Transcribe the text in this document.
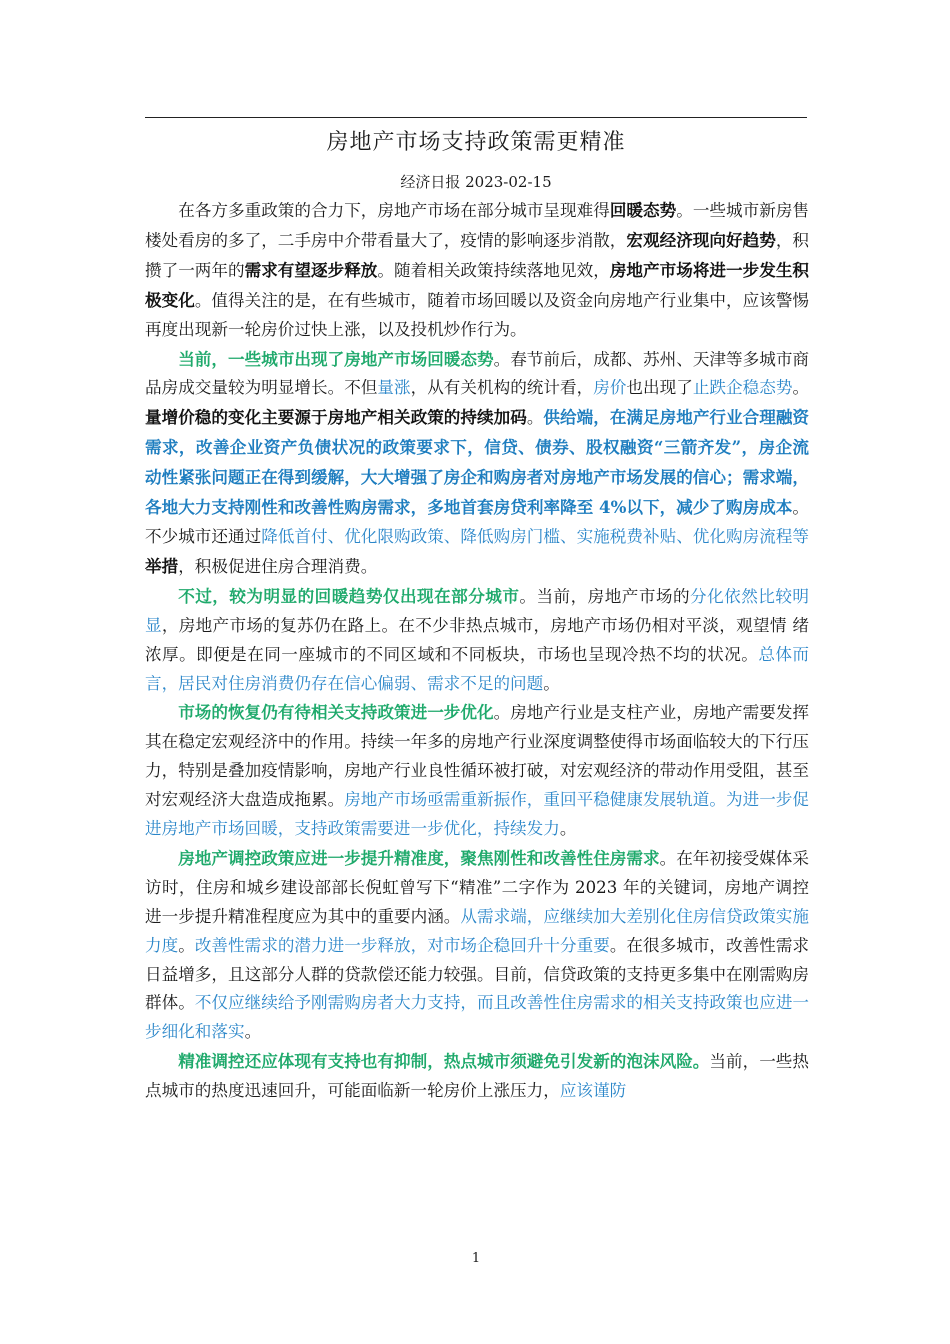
房地产市场支持政策需更精准
经济日报 2023-02-15

在各方多重政策的合力下，房地产市场在部分城市呈现难得回暖态势。一些城市新房售楼处看房的多了，二手房中介带看量大了，疫情的影响逐步消散，宏观经济现向好趋势，积攒了一两年的需求有望逐步释放。随着相关政策持续落地见效，房地产市场将进一步发生积极变化。值得关注的是，在有些城市，随着市场回暖以及资金向房地产行业集中，应该警惕再度出现新一轮房价过快上涨，以及投机炒作行为。

当前，一些城市出现了房地产市场回暖态势。春节前后，成都、苏州、天津等多城市商品房成交量较为明显增长。不但量涨，从有关机构的统计看，房价也出现了止跌企稳态势。量增价稳的变化主要源于房地产相关政策的持续加码。供给端，在满足房地产行业合理融资需求，改善企业资产负债状况的政策要求下，信贷、债券、股权融资“三箭齐发”，房企流动性紧张问题正在得到缓解，大大增强了房企和购房者对房地产市场发展的信心；需求端，各地大力支持刚性和改善性购房需求，多地首套房贷利率降至 4%以下，减少了购房成本。不少城市还通过降低首付、优化限购政策、降低购房门槛、实施税费补贴、优化购房流程等举措，积极促进住房合理消费。

不过，较为明显的回暖趋势仅出现在部分城市。当前，房地产市场的分化依然比较明显，房地产市场的复苏仍在路上。在不少非热点城市，房地产市场仍相对平淡，观望情 绪浓厚。即便是在同一座城市的不同区域和不同板块，市场也呈现冷热不均的状况。总体而言，居民对住房消费仍存在信心偏弱、需求不足的问题。

市场的恢复仍有待相关支持政策进一步优化。房地产行业是支柱产业，房地产需要发挥其在稳定宏观经济中的作用。持续一年多的房地产行业深度调整使得市场面临较大的下行压力，特别是叠加疫情影响，房地产行业良性循环被打破，对宏观经济的带动作用受阻，甚至对宏观经济大盘造成拖累。房地产市场亟需重新振作，重回平稳健康发展轨道。为进一步促进房地产市场回暖，支持政策需要进一步优化，持续发力。

房地产调控政策应进一步提升精准度，聚焦刚性和改善性住房需求。在年初接受媒体采访时，住房和城乡建设部部长倪虹曾写下“精准”二字作为 2023 年的关键词，房地产调控进一步提升精准程度应为其中的重要内涵。从需求端，应继续加大差别化住房信贷政策实施力度。改善性需求的潜力进一步释放，对市场企稳回升十分重要。在很多城市，改善性需求日益增多，且这部分人群的贷款偿还能力较强。目前，信贷政策的支持更多集中在刚需购房群体。不仅应继续给予刚需购房者大力支持，而且改善性住房需求的相关支持政策也应进一步细化和落实。

精准调控还应体现有支持也有抑制，热点城市须避免引发新的泡沫风险。当前，一些热点城市的热度迅速回升，可能面临新一轮房价上涨压力，应该谨防

1
